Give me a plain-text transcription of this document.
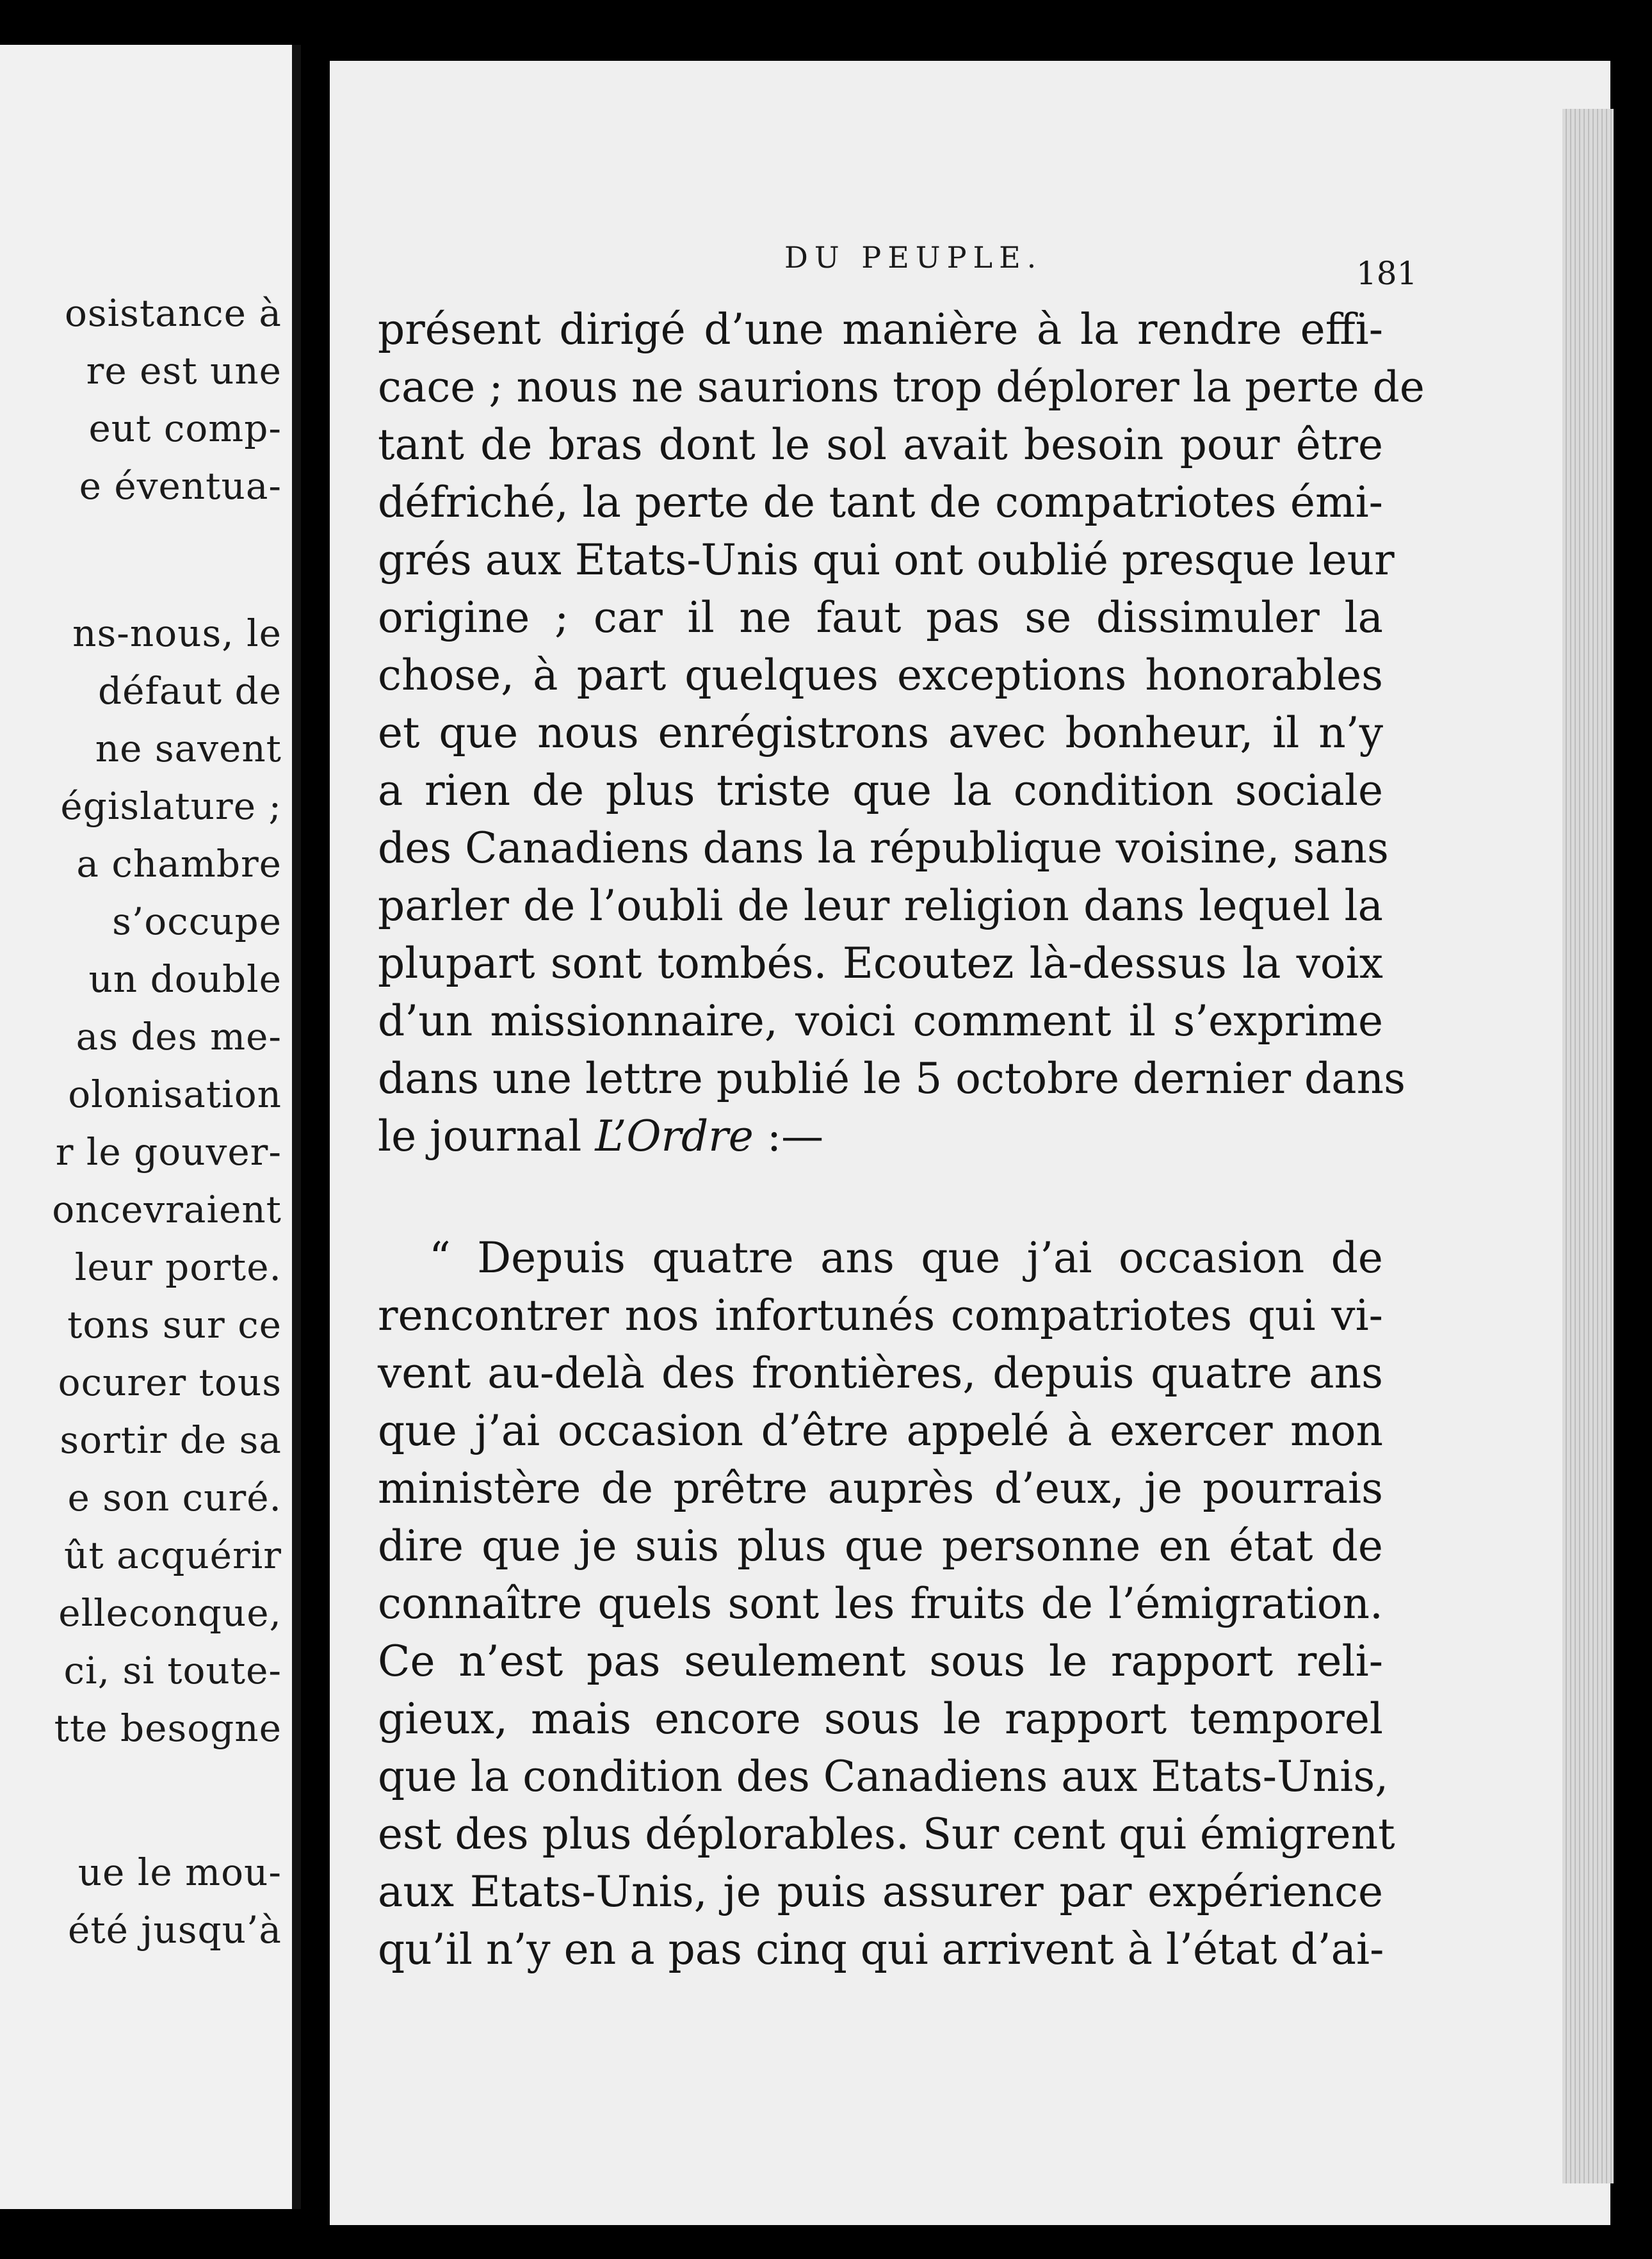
osistance à
re est une
eut comp-
e éventua-
ns-nous, le
défaut de
ne savent
égislature ;
a chambre
s’occupe
un double
as des me-
olonisation
r le gouver-
oncevraient
leur porte.
tons sur ce
ocurer tous
sortir de sa
e son curé.
ût acquérir
elleconque,
ci, si toute-
tte besogne
ue le mou-
été jusqu’à
DU PEUPLE.	181
présent dirigé d’une manière à la rendre effi-
cace ; nous ne saurions trop déplorer la perte de
tant de bras dont le sol avait besoin pour être
défriché, la perte de tant de compatriotes émi-
grés aux Etats-Unis qui ont oublié presque leur
origine ; car il ne faut pas se dissimuler la
chose, à part quelques exceptions honorables
et que nous enrégistrons avec bonheur, il n’y
a rien de plus triste que la condition sociale
des Canadiens dans la république voisine, sans
parler de l’oubli de leur religion dans lequel la
plupart sont tombés. Ecoutez là-dessus la voix
d’un missionnaire, voici comment il s’exprime
dans une lettre publié le 5 octobre dernier dans
le journal L’Ordre :—
“ Depuis quatre ans que j’ai occasion de
rencontrer nos infortunés compatriotes qui vi-
vent au-delà des frontières, depuis quatre ans
que j’ai occasion d’être appelé à exercer mon
ministère de prêtre auprès d’eux, je pourrais
dire que je suis plus que personne en état de
connaître quels sont les fruits de l’émigration.
Ce n’est pas seulement sous le rapport reli-
gieux, mais encore sous le rapport temporel
que la condition des Canadiens aux Etats-Unis,
est des plus déplorables. Sur cent qui émigrent
aux Etats-Unis, je puis assurer par expérience
qu’il n’y en a pas cinq qui arrivent à l’état d’ai-
